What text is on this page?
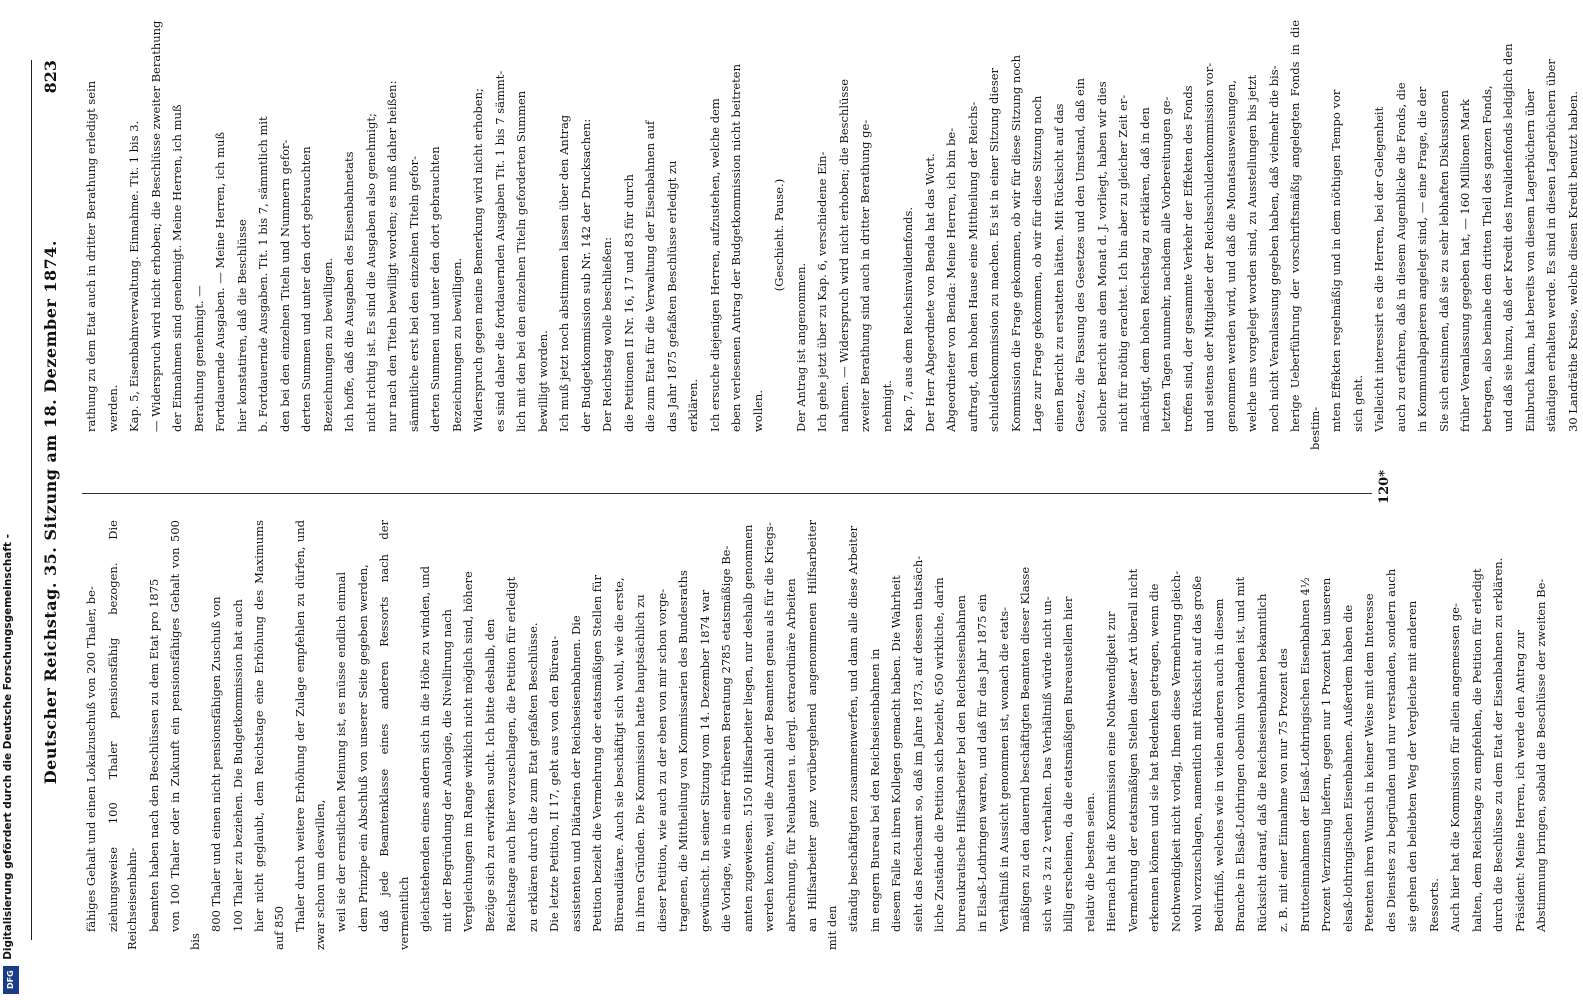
823
Deutscher Reichstag. 35. Sitzung am 18. Dezember 1874. fähiges Gehalt und einen Lokalzuschuß von 200 Thaler, be- ziehungsweise 100 Thaler pensionsfähig bezogen. Die Reichseisenbahn- beamten haben nach den Beschlüssen zu dem Etat pro 1875 von 100 Thaler oder in Zukunft ein pensionsfähiges Gehalt von 500 bis

800 Thaler und einen nicht pensionsfähigen Zuschuß von 100 Thaler zu beziehen. Die Budgetkommission hat auch hier nicht geglaubt, dem Reichstage eine Erhöhung des Maximums auf 850 Thaler durch weitere Erhöhung der Zulage empfehlen zu dürfen, und zwar schon um deswillen, weil sie der ernstlichen Meinung ist, es müsse endlich einmal dem Prinzipe ein Abschluß von unserer Seite gegeben werden, daß jede Beamtenklasse eines anderen Ressorts nach der vermeintlich gleichstehenden eines andern sich in die Höhe zu winden, und mit der Begründung der Analogie, die Nivellirung nach Vergleichungen im Range wirklich nicht möglich sind, höhere Bezüge sich zu erwirken sucht. Ich bitte deshalb, den Reichstage auch hier vorzuschlagen, die Petition für erledigt zu erklären durch die zum Etat gefaßten Beschlüsse. Die letzte Petition, II 17, geht aus von den Büreau- assistenten und Diätarien der Reichseisenbahnen. Die Petition bezielt die Vermehrung der etatsmäßigen Stellen für Büreaudiätare. Auch sie beschäftigt sich wohl, wie die erste, in ihren Gründen. Die Kommission hatte hauptsächlich zu dieser Petition, wie auch zu der eben von mir schon vorge- tragenen, die Mittheilung von Kommissarien des Bundesraths gewünscht. In seiner Sitzung vom 14. Dezember 1874 war die Vorlage, wie in einer früheren Beratung 2785 etatsmäßige Be- amten zugewiesen. 5150 Hilfsarbeiter liegen, nur deshalb genommen werden konnte, weil die Anzahl der Beamten genau als für die Kriegs- abrechnung, für Neubauten u. dergl. extraordinäre Arbeiten an Hilfsarbeiter ganz vorübergehend angenommenen Hilfsarbeiter mit den ständig beschäftigten zusammenwerfen, und dann alle diese Arbeiter im engern Bureau bei den Reichseisenbahnen in diesem Falle zu ihren Kollegen gemacht haben. Die Wahrheit sieht das Reichsamt so, daß im Jahre 1873, auf dessen thatsäch- liche Zustände die Petition sich bezieht, 650 wirkliche, darin bureaukratische Hilfsarbeiter bei den Reichseisenbahnen in Elsaß-Lothringen waren, und daß für das Jahr 1875 ein Verhältniß in Aussicht genommen ist, wonach die etats- mäßigen zu den dauernd beschäftigten Beamten dieser Klasse sich wie 3 zu 2 verhalten. Das Verhältniß würde nicht un- billig erscheinen, da die etatsmäßigen Bureaustellen hier relativ die besten seien. Hiernach hat die Kommission eine Nothwendigkeit zur Vermehrung der etatsmäßigen Stellen dieser Art überall nicht erkennen können und sie hat Bedenken getragen, wenn die Nothwendigkeit nicht vorlag, Ihnen diese Vermehrung gleich- wohl vorzuschlagen, namentlich mit Rücksicht auf das große Bedürfniß, welches wie in vielen anderen auch in diesem Branche in Elsaß-Lothringen obenhin vorhanden ist, und mit Rücksicht darauf, daß die Reichseisenbahnen bekanntlich z. B. mit einer Einnahme von nur 75 Prozent des Bruttoeinnahmen der Elsaß-Lothringischen Eisenbahnen 4½ Prozent Verzinsung liefern, gegen nur 1 Prozent bei unseren elsaß-lothringischen Eisenbahnen. Außerdem haben die Petenten ihren Wunsch in keiner Weise mit dem Interesse des Dienstes zu begründen und nur verstanden, sondern auch sie gehen den beliebten Weg der Vergleiche mit anderen Ressorts. Auch hier hat die Kommission für allein angemessen ge- halten, dem Reichstage zu empfehlen, die Petition für erledigt durch die Beschlüsse zu dem Etat der Eisenbahnen zu erklären. Präsident: Meine Herren, ich werde den Antrag zur Abstimmung bringen, sobald die Beschlüsse der zweiten Be-

rathung zu dem Etat auch in dritter Berathung erledigt sein werden. Kap. 5, Eisenbahnverwaltung. Einnahme. Tit. 1 bis 3. — Widerspruch wird nicht erhoben; die Beschlüsse zweiter Berathung der Einnahmen sind genehmigt. Meine Herren, ich muß Berathung genehmigt. — Fortdauernde Ausgaben. — Meine Herren, ich muß hier konstatiren, daß die Beschlüsse b. Fortdauernde Ausgaben. Tit. 1 bis 7, sämmtlich mit den bei den einzelnen Titeln und Nummern gefor- derten Summen und unter den dort gebrauchten Bezeichnungen zu bewilligen. Ich hoffe, daß die Ausgaben des Eisenbahnetats nicht richtig ist. Es sind die Ausgaben also genehmigt; nur nach den Titeln bewilligt worden; es muß daher heißen: sämmtliche erst bei den einzelnen Titeln gefor- derten Summen und unter den dort gebrauchten Bezeichnungen zu bewilligen. Widerspruch gegen meine Bemerkung wird nicht erhoben; es sind daher die fortdauernden Ausgaben Tit. 1 bis 7 sämmt- lich mit den bei den einzelnen Titeln geforderten Summen bewilligt worden. Ich muß jetzt noch abstimmen lassen über den Antrag der Budgetkommission sub Nr. 142 der Drucksachen: Der Reichstag wolle beschließen: die Petitionen II Nr. 16, 17 und 83 für durch die zum Etat für die Verwaltung der Eisenbahnen auf das Jahr 1875 gefaßten Beschlüsse erledigt zu erklären. Ich ersuche diejenigen Herren, aufzustehen, welche dem eben verlesenen Antrag der Budgetkommission nicht beitreten wollen.

(Geschieht. Pause.)

Der Antrag ist angenommen. Ich gehe jetzt über zu Kap. 6, verschiedene Ein- nahmen. — Widerspruch wird nicht erhoben; die Beschlüsse zweiter Berathung sind auch in dritter Berathung ge- nehmigt. Kap. 7, aus dem Reichsinvalidenfonds. Der Herr Abgeordnete von Benda hat das Wort. Abgeordneter von Benda: Meine Herren, ich bin be- auftragt, dem hohen Hause eine Mittheilung der Reichs- schuldenkommission zu machen. Es ist in einer Sitzung dieser Kommission die Frage gekommen, ob wir für diese Sitzung noch Lage zur Frage gekommen, ob wir für diese Sitzung noch einen Bericht zu erstatten hätten. Mit Rücksicht auf das Gesetz, die Fassung des Gesetzes und den Umstand, daß ein solcher Bericht aus dem Monat d. J. vorliegt, haben wir dies nicht für nöthig erachtet. Ich bin aber zu gleicher Zeit er- mächtigt, dem hohen Reichstag zu erklären, daß in den letzten Tagen nunmehr, nachdem alle Vorbereitungen ge- troffen sind, der gesammte Verkehr der Effekten des Fonds und seitens der Mitglieder der Reichsschuldenkommission vor- genommen werden wird, und daß die Monatsausweisungen, welche uns vorgelegt worden sind, zu Ausstellungen bis jetzt noch nicht Veranlassung gegeben haben, daß vielmehr die bis- herige Ueberführung der vorschriftsmäßig angelegten Fonds in die bestim- mten Effekten regelmäßig und in dem nöthigen Tempo vor sich geht. Vielleicht interessirt es die Herren, bei der Gelegenheit auch zu erfahren, daß in diesem Augenblicke die Fonds, die in Kommunalpapieren angelegt sind, — eine Frage, die der Sie sich entsinnen, daß sie zu sehr lebhaften Diskussionen früher Veranlassung gegeben hat, — 160 Millionen Mark betragen, also beinahe den dritten Theil des ganzen Fonds, und daß sie hinzu, daß der Kredit des Invalidenfonds lediglich den Einbruch kann, hat bereits von diesem Lagerbüchern über ständigen erhalten werde. Es sind in diesen Lagerbüchern über 30 Landräthe Kreise, welche diesen Kredit benutzt haben.

120*
Digitalisierung gefördert durch die Deutsche Forschungsgemeinschaft -
DFG
